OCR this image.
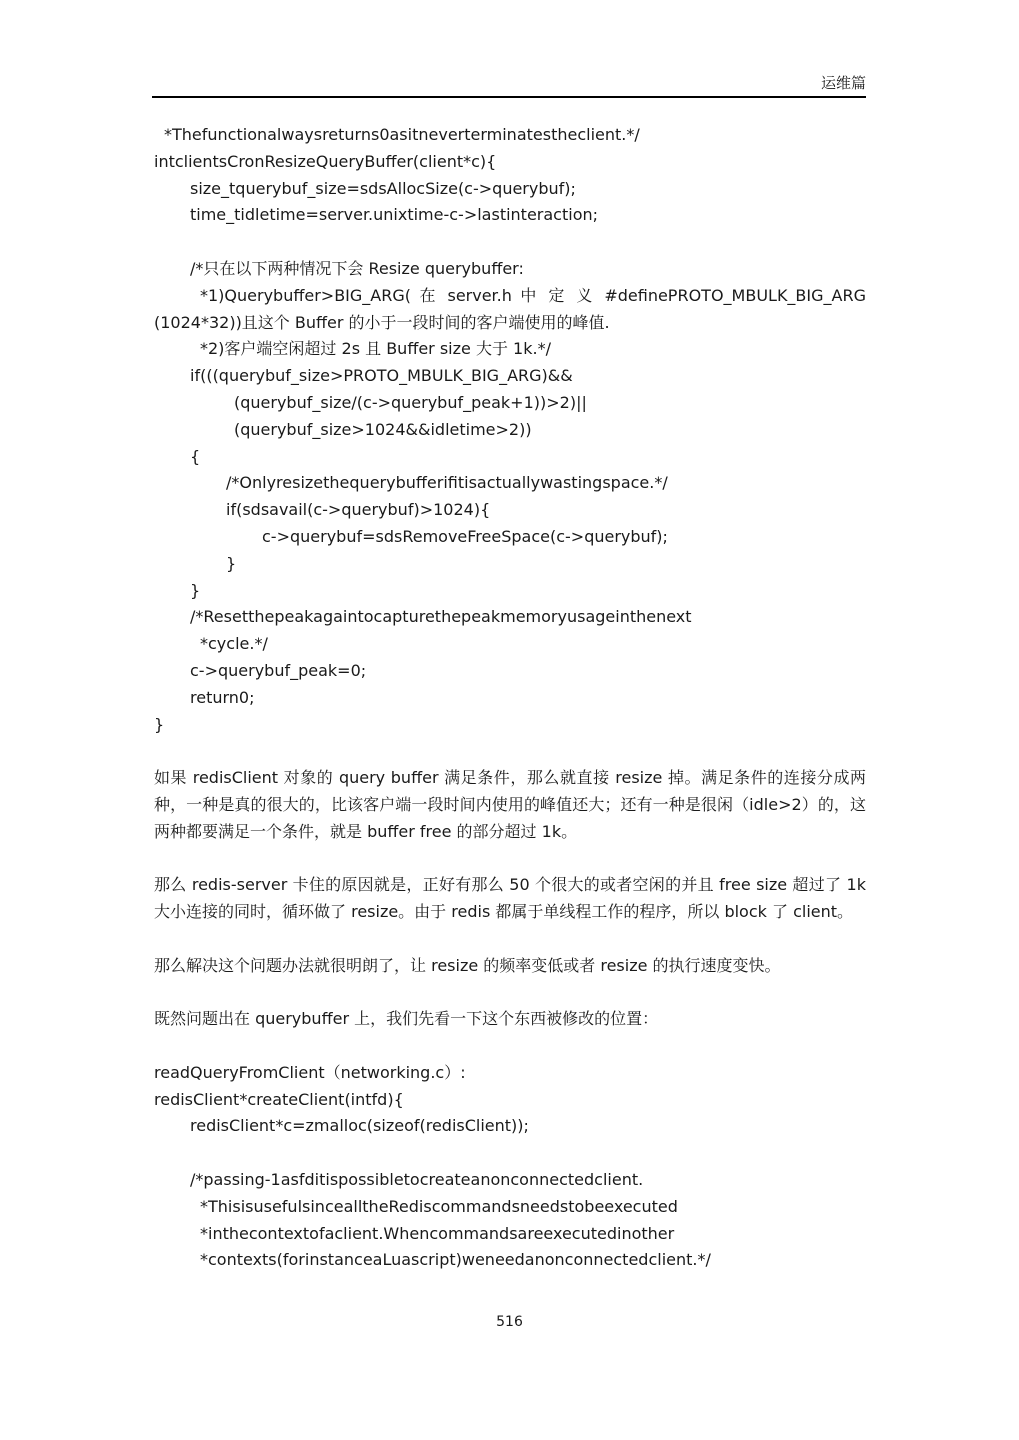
运维篇
*Thefunctionalwaysreturns0asitneverterminatestheclient.*/
intclientsCronResizeQueryBuffer(client*c){
size_tquerybuf_size=sdsAllocSize(c->querybuf);
time_tidletime=server.unixtime-c->lastinteraction;
/*只在以下两种情况下会 Resize querybuffer:
*1)Querybuffer>BIG_ARG( 在 server.h 中 定 义 #definePROTO_MBULK_BIG_ARG
(1024*32))且这个 Buffer 的小于一段时间的客户端使用的峰值.
*2)客户端空闲超过 2s 且 Buffer size 大于 1k.*/
if(((querybuf_size>PROTO_MBULK_BIG_ARG)&&
(querybuf_size/(c->querybuf_peak+1))>2)||
(querybuf_size>1024&&idletime>2))
{
/*Onlyresizethequerybufferifitisactuallywastingspace.*/
if(sdsavail(c->querybuf)>1024){
c->querybuf=sdsRemoveFreeSpace(c->querybuf);
}
}
/*Resetthepeakagaintocapturethepeakmemoryusageinthenext
*cycle.*/
c->querybuf_peak=0;
return0;
}
如果 redisClient 对象的 query buffer 满足条件，那么就直接 resize 掉。满足条件的连接分成两种，一种是真的很大的，比该客户端一段时间内使用的峰值还大；还有一种是很闲（idle>2）的，这两种都要满足一个条件，就是 buffer free 的部分超过 1k。
那么 redis-server 卡住的原因就是，正好有那么 50 个很大的或者空闲的并且 free size 超过了 1k 大小连接的同时，循环做了 resize。由于 redis 都属于单线程工作的程序，所以 block 了 client。
那么解决这个问题办法就很明朗了，让 resize 的频率变低或者 resize 的执行速度变快。
既然问题出在 querybuffer 上，我们先看一下这个东西被修改的位置：
readQueryFromClient（networking.c）:
redisClient*createClient(intfd){
redisClient*c=zmalloc(sizeof(redisClient));
/*passing-1asfditispossibletocreateanonconnectedclient.
*ThisisusefulsincealltheRediscommandsneedstobeexecuted
*inthecontextofaclient.Whencommandsareexecutedinother
*contexts(forinstanceaLuascript)weneedanonconnectedclient.*/
516
